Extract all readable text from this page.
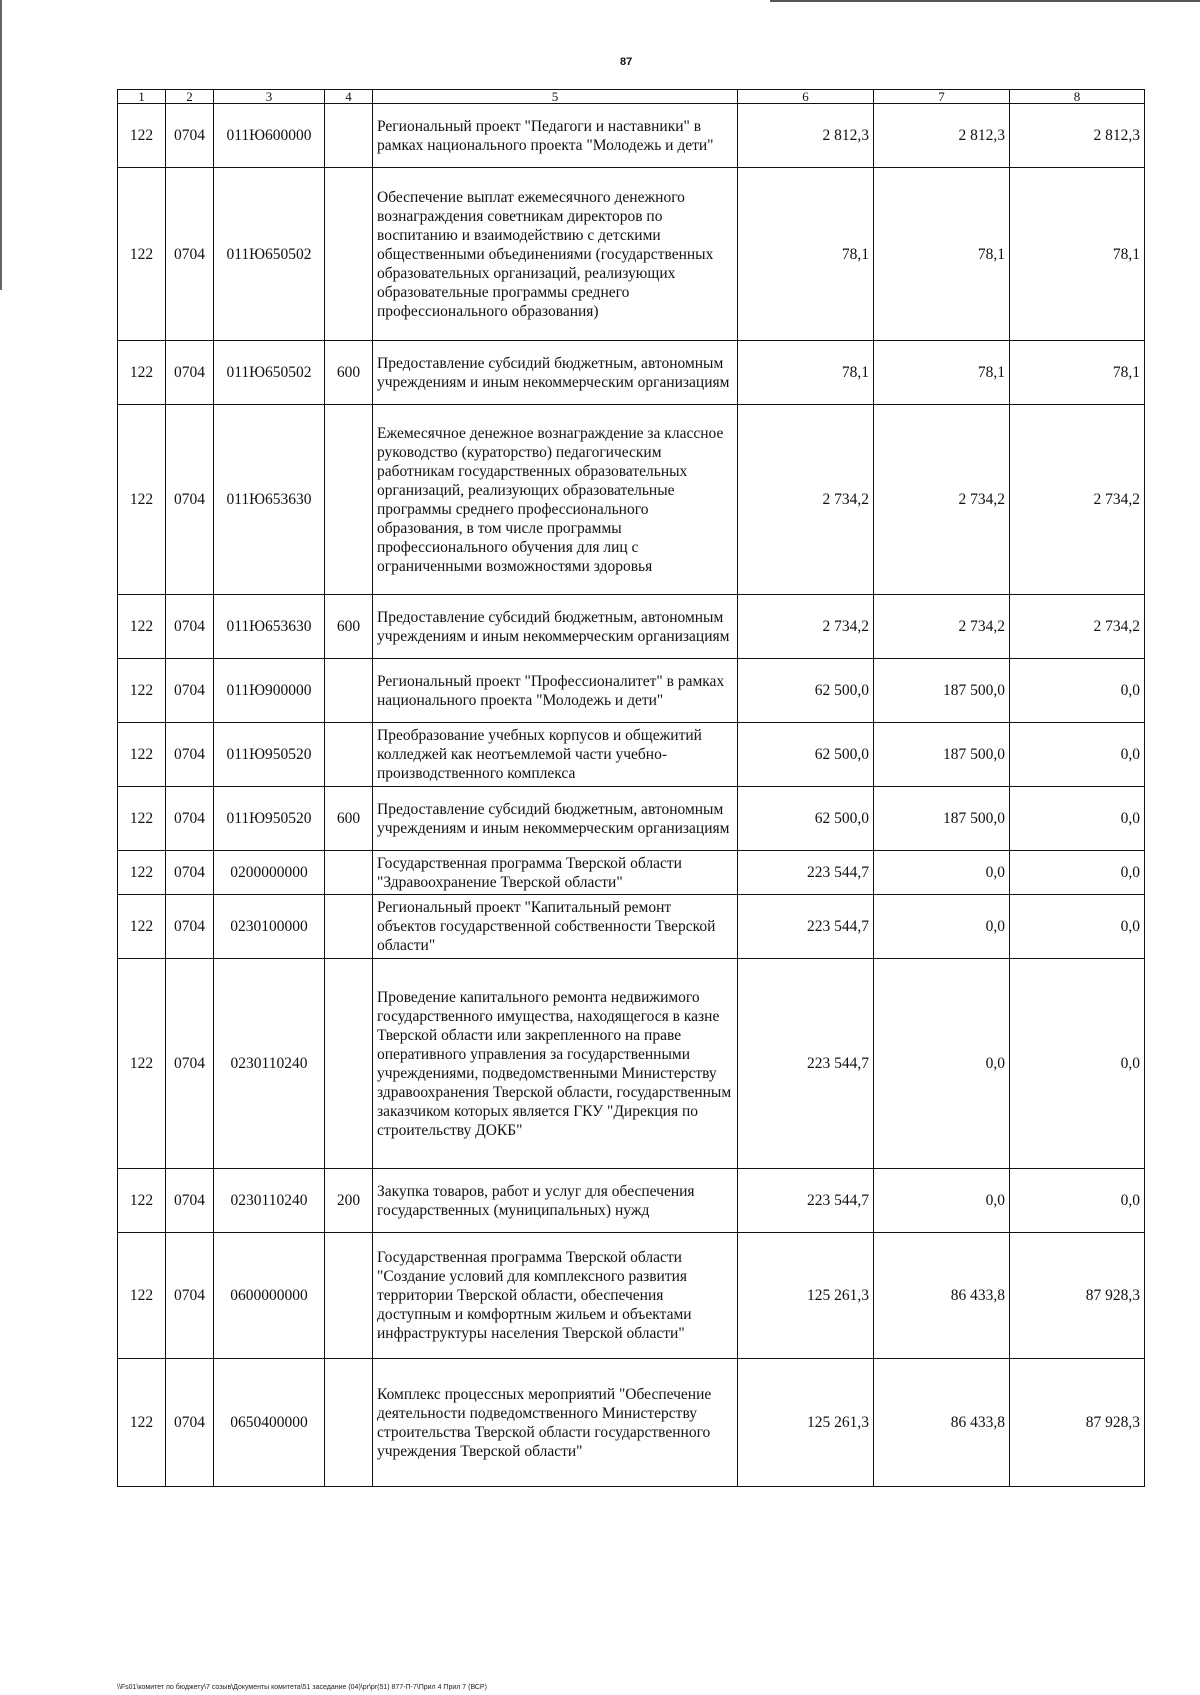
87
1	2	3	4	5	6	7	8
122	0704	011Ю600000		Региональный проект "Педагоги и наставники" в рамках национального проекта "Молодежь и дети"	2 812,3	2 812,3	2 812,3
122	0704	011Ю650502		Обеспечение выплат ежемесячного денежного вознаграждения советникам директоров по воспитанию и взаимодействию с детскими общественными объединениями (государственных образовательных организаций, реализующих образовательные программы среднего профессионального образования)	78,1	78,1	78,1
122	0704	011Ю650502	600	Предоставление субсидий бюджетным, автономным учреждениям и иным некоммерческим организациям	78,1	78,1	78,1
122	0704	011Ю653630		Ежемесячное денежное вознаграждение за классное руководство (кураторство) педагогическим работникам государственных образовательных организаций, реализующих образовательные программы среднего профессионального образования, в том числе программы профессионального обучения для лиц с ограниченными возможностями здоровья	2 734,2	2 734,2	2 734,2
122	0704	011Ю653630	600	Предоставление субсидий бюджетным, автономным учреждениям и иным некоммерческим организациям	2 734,2	2 734,2	2 734,2
122	0704	011Ю900000		Региональный проект "Профессионалитет" в рамках национального проекта "Молодежь и дети"	62 500,0	187 500,0	0,0
122	0704	011Ю950520		Преобразование учебных корпусов и общежитий колледжей как неотъемлемой части учебно-производственного комплекса	62 500,0	187 500,0	0,0
122	0704	011Ю950520	600	Предоставление субсидий бюджетным, автономным учреждениям и иным некоммерческим организациям	62 500,0	187 500,0	0,0
122	0704	0200000000		Государственная программа Тверской области "Здравоохранение Тверской области"	223 544,7	0,0	0,0
122	0704	0230100000		Региональный проект "Капитальный ремонт объектов государственной собственности Тверской области"	223 544,7	0,0	0,0
122	0704	0230110240		Проведение капитального ремонта недвижимого государственного имущества, находящегося в казне Тверской области или закрепленного на праве оперативного управления за государственными учреждениями, подведомственными Министерству здравоохранения Тверской области, государственным заказчиком которых является ГКУ "Дирекция по строительству ДОКБ"	223 544,7	0,0	0,0
122	0704	0230110240	200	Закупка товаров, работ и услуг для обеспечения государственных (муниципальных) нужд	223 544,7	0,0	0,0
122	0704	0600000000		Государственная программа Тверской области "Создание условий для комплексного развития территории Тверской области, обеспечения доступным и комфортным жильем и объектами инфраструктуры населения Тверской области"	125 261,3	86 433,8	87 928,3
122	0704	0650400000		Комплекс процессных мероприятий "Обеспечение деятельности подведомственного Министерству строительства Тверской области государственного учреждения Тверской области"	125 261,3	86 433,8	87 928,3
\\Fs01\комитет по бюджету\7 созыв\Документы комитета\51 заседание (04)\pr\pr(51) 877-П-7\Прил 4 Прил 7 (ВСР)
